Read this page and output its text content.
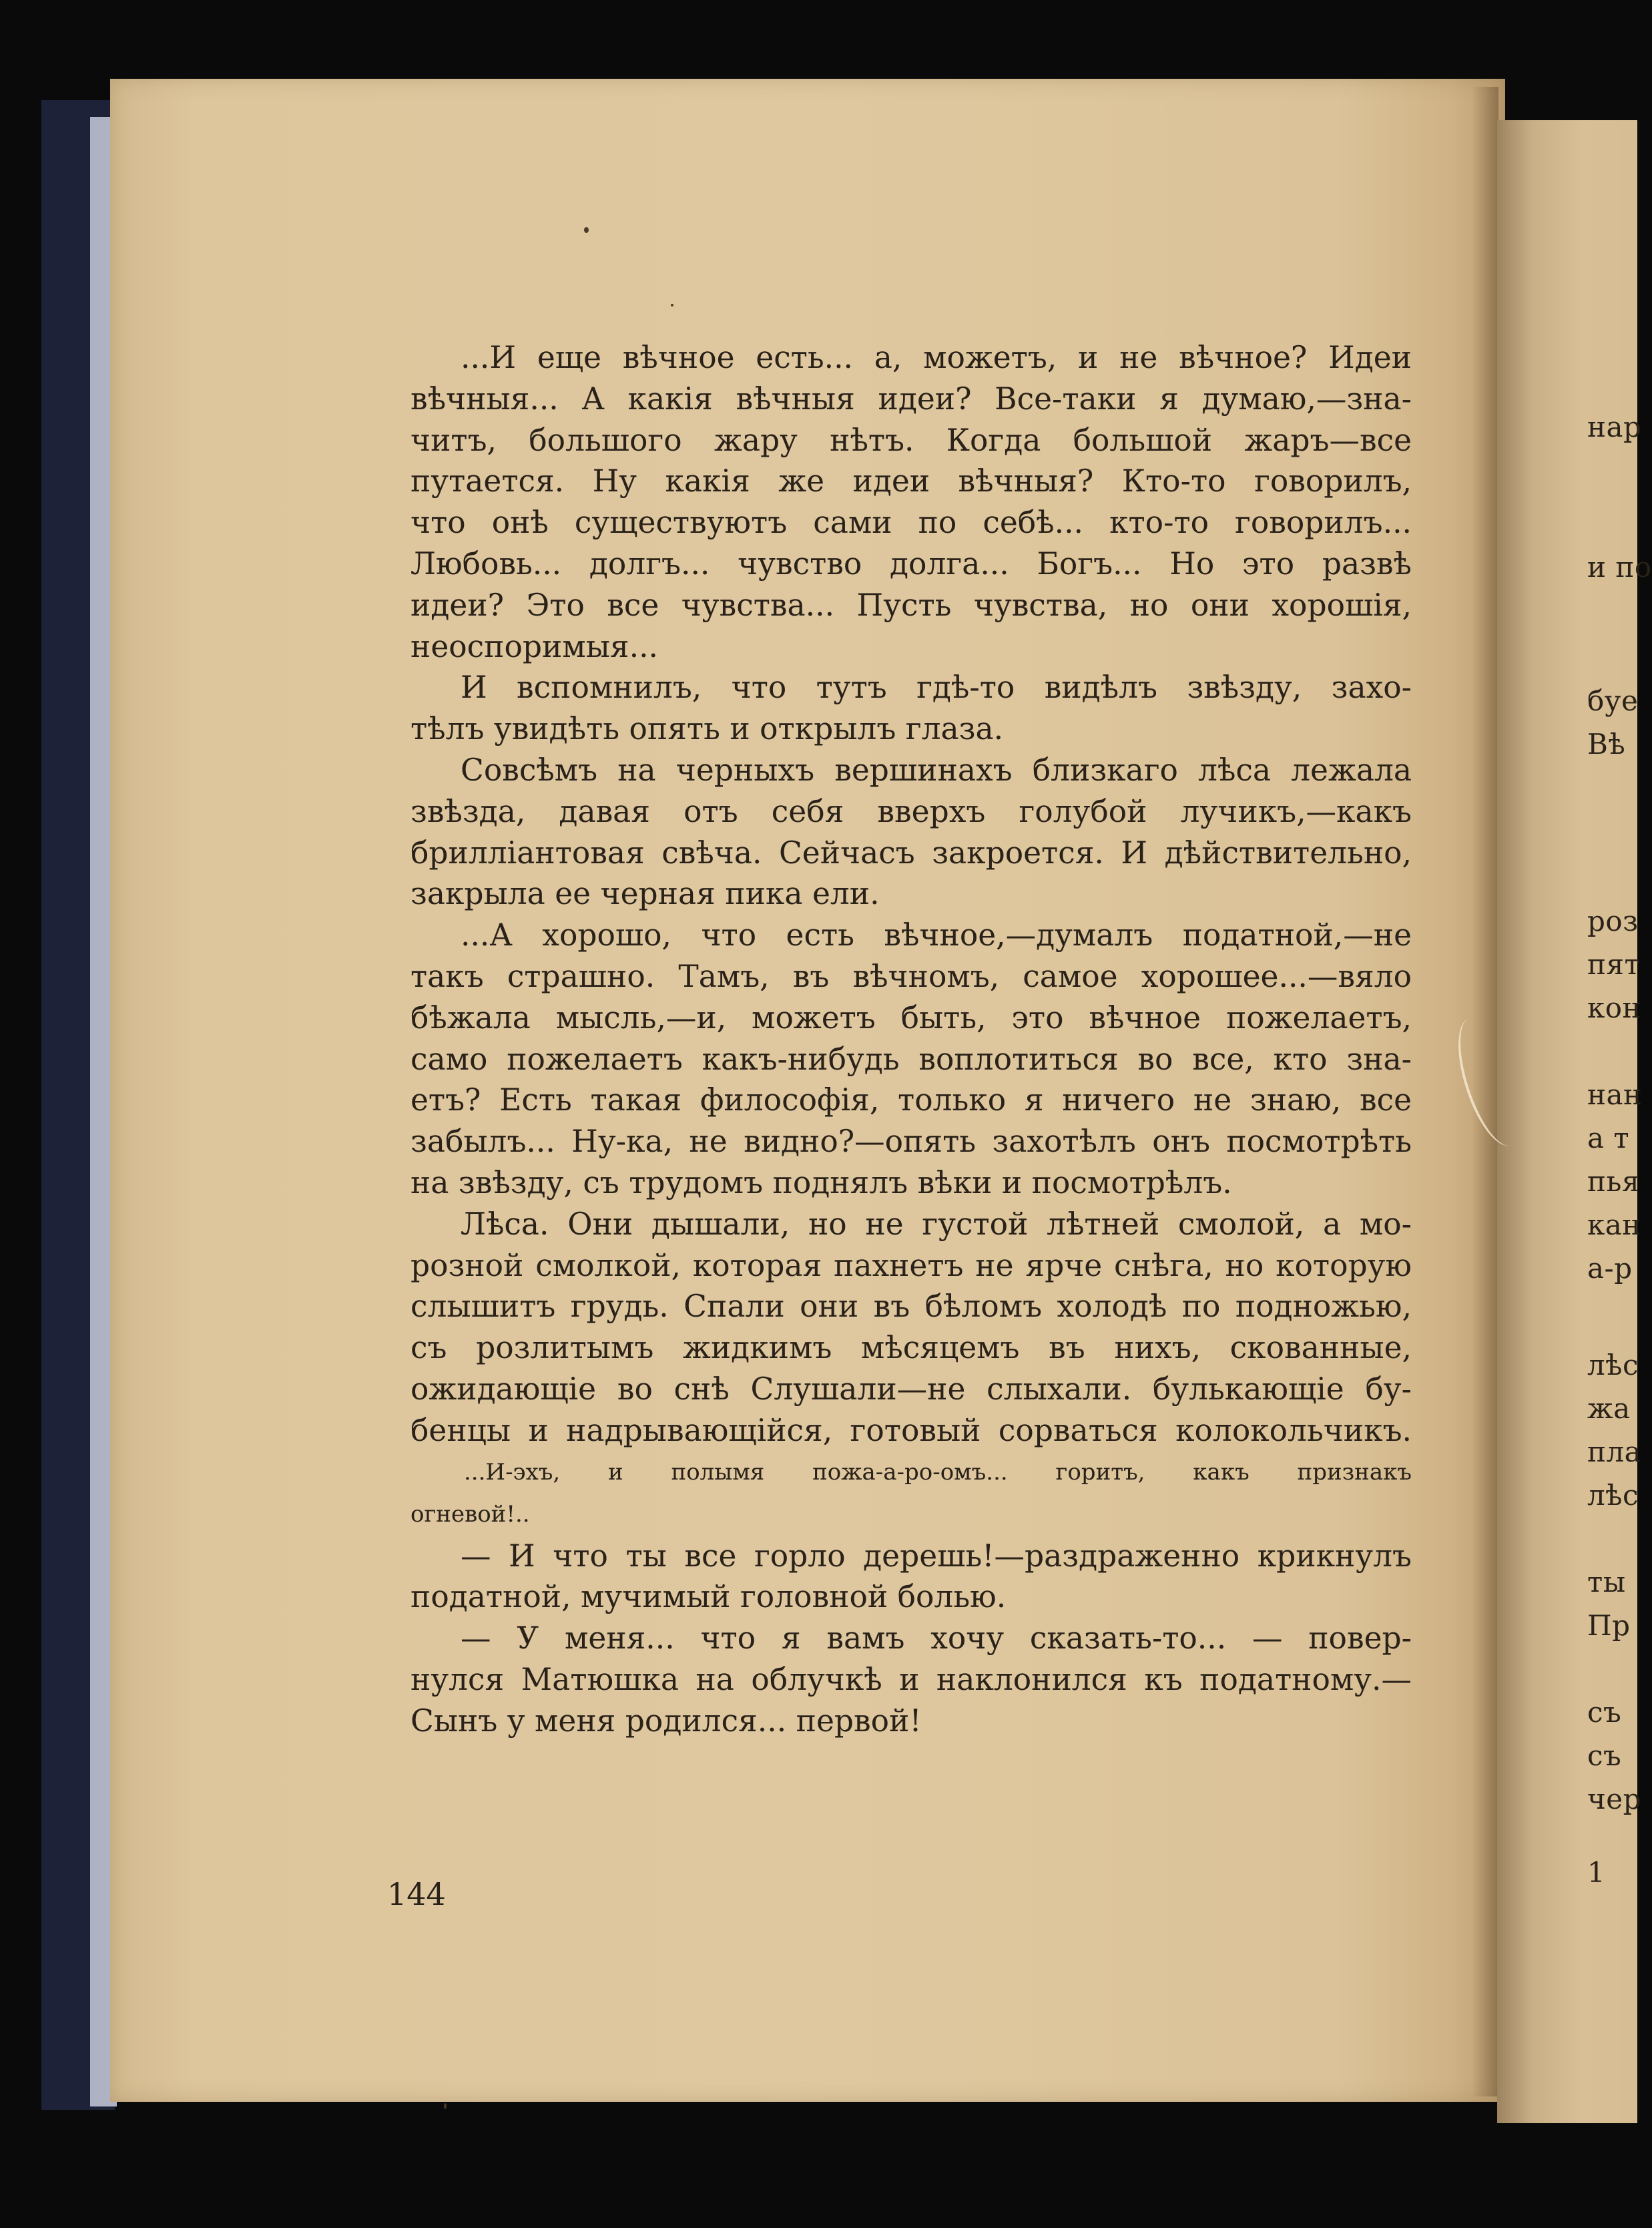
нар
и по
буе
Вѣ
роз
пят
кон
нан
а т
пья
кан
а-р
лѣс
жа
пла
лѣс
ты
Пр
съ
съ
чер
1
...И еще вѣчное есть... а, можетъ, и не вѣчное? Идеи
вѣчныя... А какія вѣчныя идеи? Все-таки я думаю,—зна-
читъ, большого жару нѣтъ. Когда большой жаръ—все
путается. Ну какія же идеи вѣчныя? Кто-то говорилъ,
что онѣ существуютъ сами по себѣ... кто-то говорилъ...
Любовь... долгъ... чувство долга... Богъ... Но это развѣ
идеи? Это все чувства... Пусть чувства, но они хорошія,
неоспоримыя...
И вспомнилъ, что тутъ гдѣ-то видѣлъ звѣзду, захо-
тѣлъ увидѣть опять и открылъ глаза.
Совсѣмъ на черныхъ вершинахъ близкаго лѣса лежала
звѣзда, давая отъ себя вверхъ голубой лучикъ,—какъ
брилліантовая свѣча. Сейчасъ закроется. И дѣйствительно,
закрыла ее черная пика ели.
...А хорошо, что есть вѣчное,—думалъ податной,—не
такъ страшно. Тамъ, въ вѣчномъ, самое хорошее...—вяло
бѣжала мысль,—и, можетъ быть, это вѣчное пожелаетъ,
само пожелаетъ какъ-нибудь воплотиться во все, кто зна-
етъ? Есть такая философія, только я ничего не знаю, все
забылъ... Ну-ка, не видно?—опять захотѣлъ онъ посмотрѣть
на звѣзду, съ трудомъ поднялъ вѣки и посмотрѣлъ.
Лѣса. Они дышали, но не густой лѣтней смолой, а мо-
розной смолкой, которая пахнетъ не ярче снѣга, но которую
слышитъ грудь. Спали они въ бѣломъ холодѣ по подножью,
съ розлитымъ жидкимъ мѣсяцемъ въ нихъ, скованные,
ожидающіе во снѣ Слушали—не слыхали. булькающіе бу-
бенцы и надрывающійся, готовый сорваться колокольчикъ.
...И-эхъ, и полымя пожа-а-ро-омъ... горитъ, какъ признакъ
огневой!..
— И что ты все горло дерешь!—раздраженно крикнулъ
податной, мучимый головной болью.
— У меня... что я вамъ хочу сказать-то... — повер-
нулся Матюшка на облучкѣ и наклонился къ податному.—
Сынъ у меня родился... первой!
144
